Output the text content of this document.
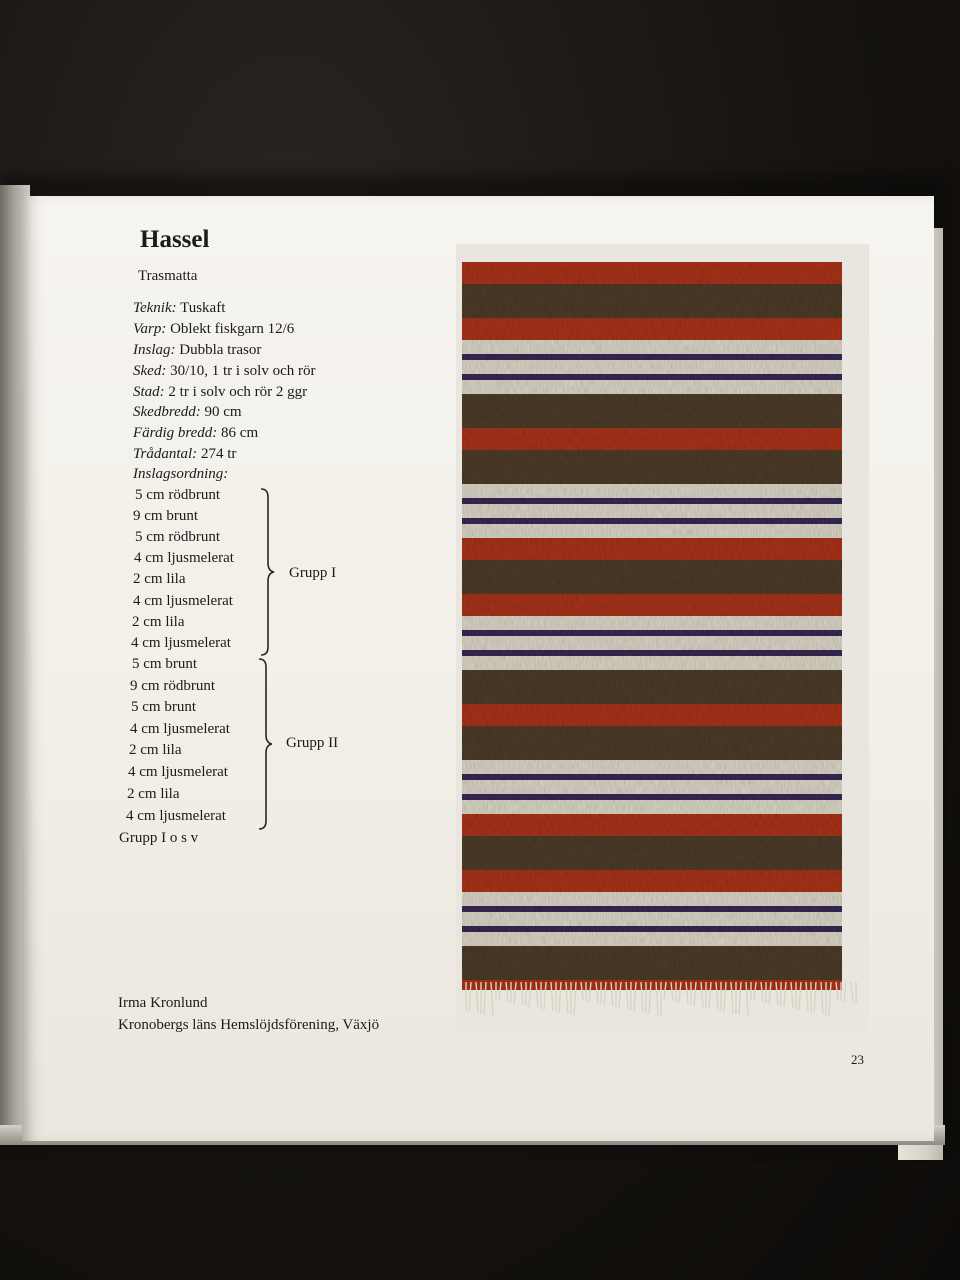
Hassel
Trasmatta
Teknik: Tuskaft
Varp: Oblekt fiskgarn 12/6
Inslag: Dubbla trasor
Sked: 30/10, 1 tr i solv och rör
Stad: 2 tr i solv och rör 2 ggr
Skedbredd: 90 cm
Färdig bredd: 86 cm
Trådantal: 274 tr
Inslagsordning:
5 cm rödbrunt
9 cm brunt
5 cm rödbrunt
4 cm ljusmelerat
2 cm lila
4 cm ljusmelerat
2 cm lila
4 cm ljusmelerat
Grupp I
5 cm brunt
9 cm rödbrunt
5 cm brunt
4 cm ljusmelerat
2 cm lila
4 cm ljusmelerat
2 cm lila
4 cm ljusmelerat
Grupp II
Grupp I o s v
Irma Kronlund
Kronobergs läns Hemslöjdsförening, Växjö
23
